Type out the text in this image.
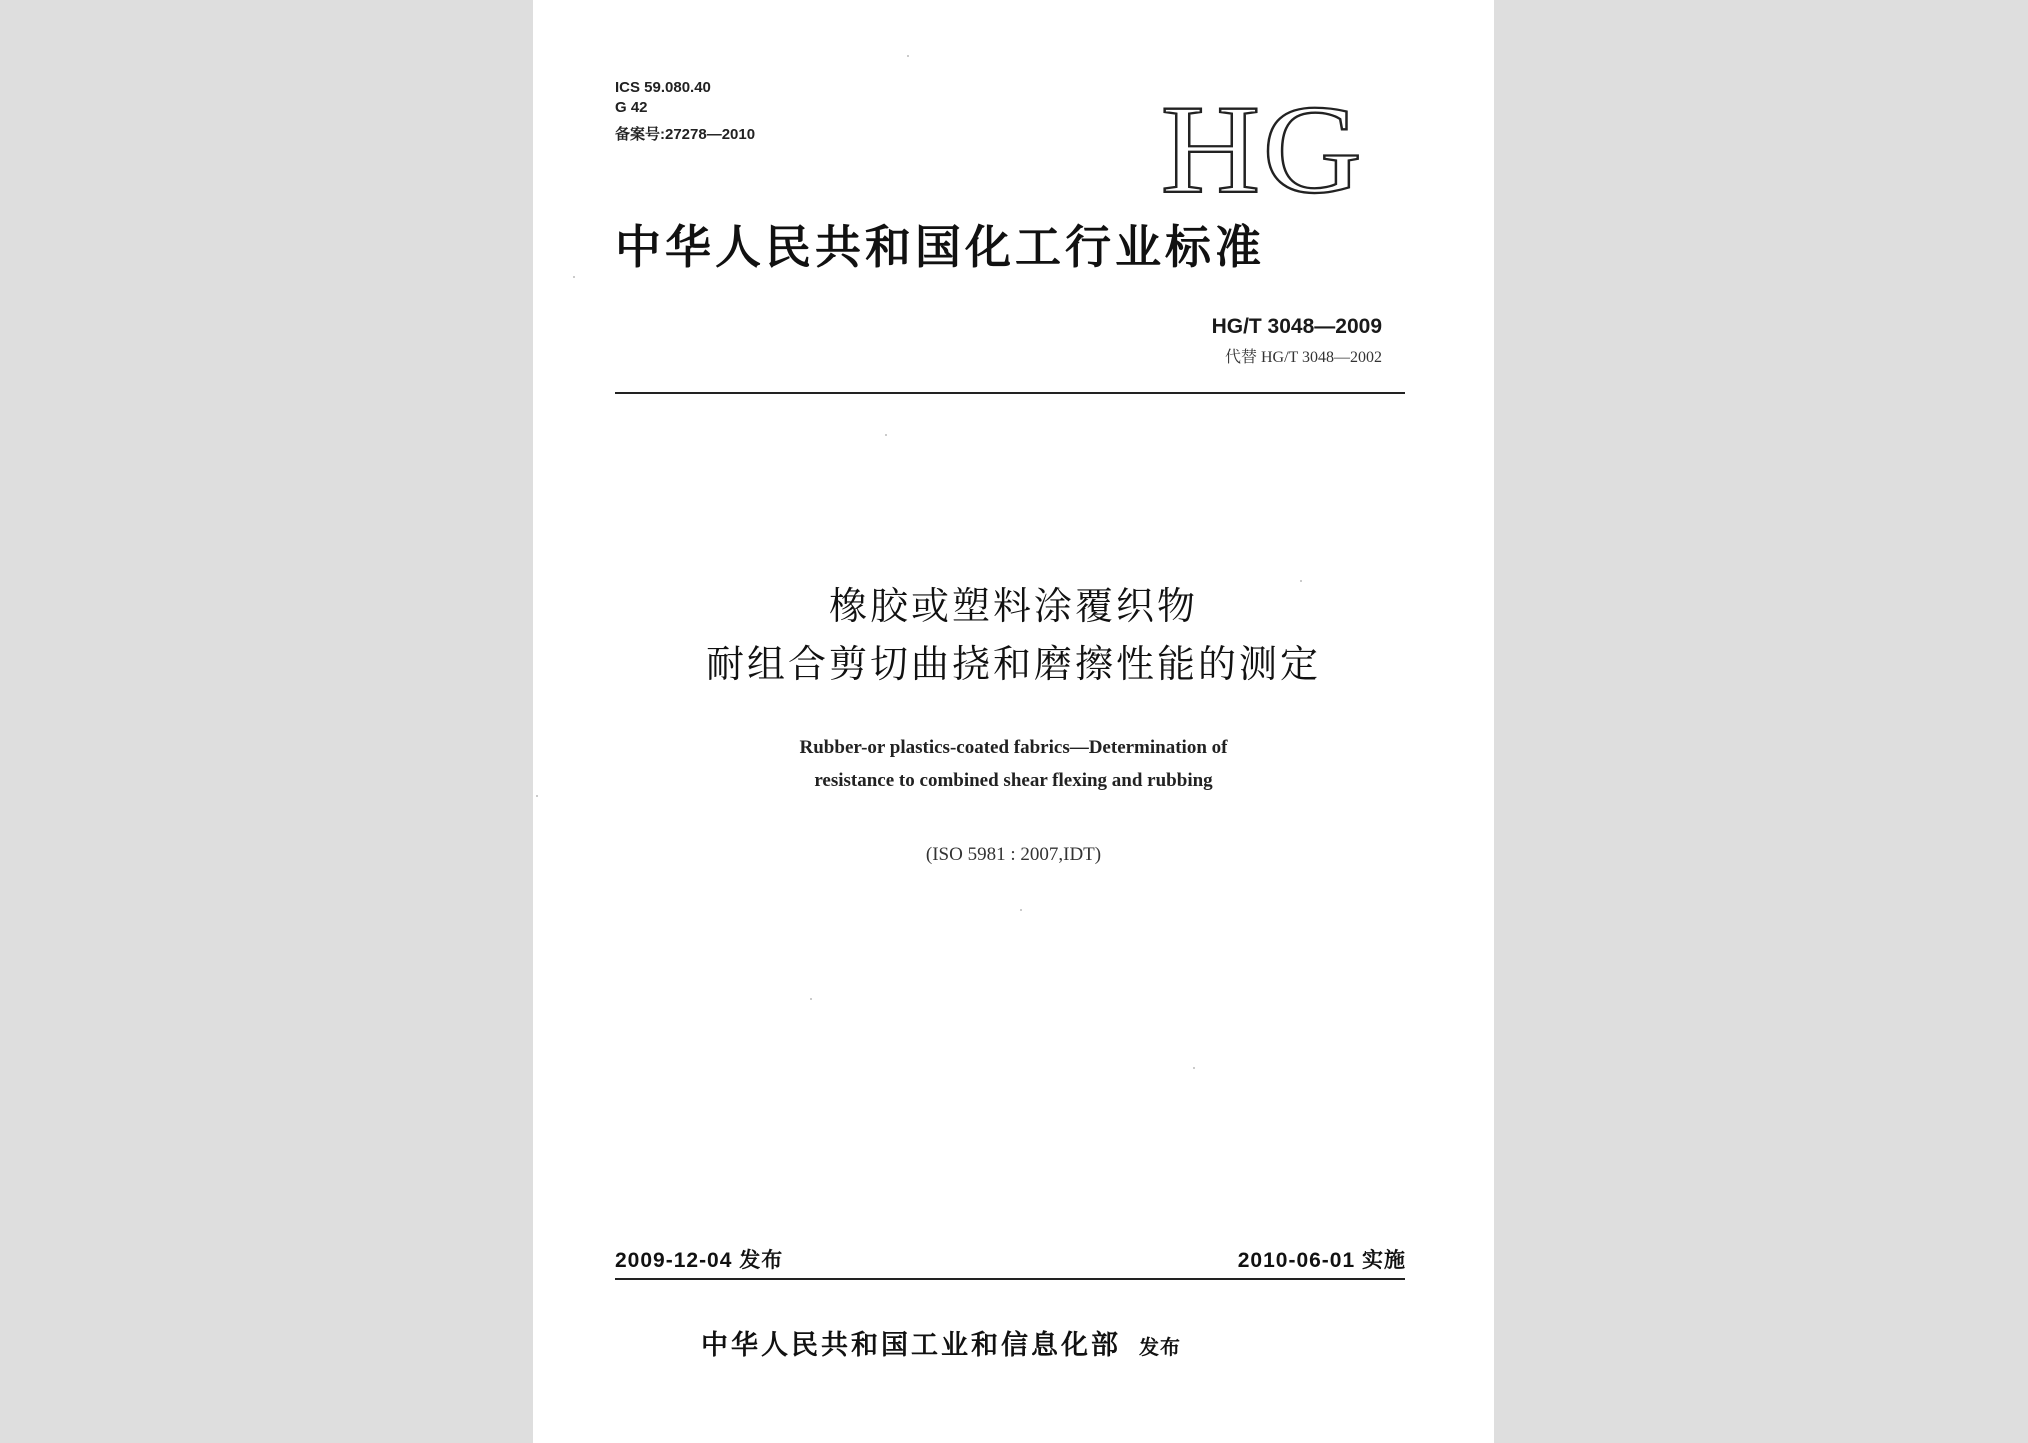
ICS 59.080.40
G 42
备案号:27278—2010	HG
中华人民共和国化工行业标准
HG/T 3048—2009
代替 HG/T 3048—2002
橡胶或塑料涂覆织物
耐组合剪切曲挠和磨擦性能的测定
Rubber-or plastics-coated fabrics—Determination of
resistance to combined shear flexing and rubbing
(ISO 5981 : 2007,IDT)
2009-12-04 发布	2010-06-01 实施
中华人民共和国工业和信息化部 发布
